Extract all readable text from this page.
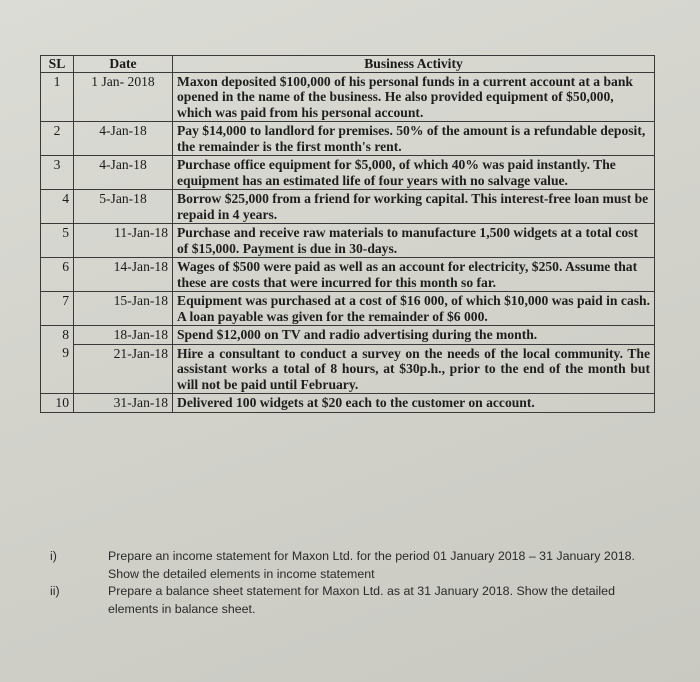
SL	Date	Business Activity
1	1 Jan- 2018	Maxon deposited $100,000 of his personal funds in a current account at a bank opened in the name of the business. He also provided equipment of $50,000, which was paid from his personal account.
2	4-Jan-18	Pay $14,000 to landlord for premises. 50% of the amount is a refundable deposit, the remainder is the first month's rent.
3	4-Jan-18	Purchase office equipment for $5,000, of which 40% was paid instantly. The equipment has an estimated life of four years with no salvage value.
4	5-Jan-18	Borrow $25,000 from a friend for working capital. This interest-free loan must be repaid in 4 years.
5	11-Jan-18	Purchase and receive raw materials to manufacture 1,500 widgets at a total cost of $15,000. Payment is due in 30-days.
6	14-Jan-18	Wages of $500 were paid as well as an account for electricity, $250. Assume that these are costs that were incurred for this month so far.
7	15-Jan-18	Equipment was purchased at a cost of $16 000, of which $10,000 was paid in cash. A loan payable was given for the remainder of $6 000.
8	18-Jan-18	Spend $12,000 on TV and radio advertising during the month.
9	21-Jan-18	Hire a consultant to conduct a survey on the needs of the local community. The assistant works a total of 8 hours, at $30p.h., prior to the end of the month but will not be paid until February.
10	31-Jan-18	Delivered 100 widgets at $20 each to the customer on account.
i)	Prepare an income statement for Maxon Ltd. for the period 01 January 2018 – 31 January 2018. Show the detailed elements in income statement
ii)	Prepare a balance sheet statement for Maxon Ltd. as at 31 January 2018. Show the detailed elements in balance sheet.
